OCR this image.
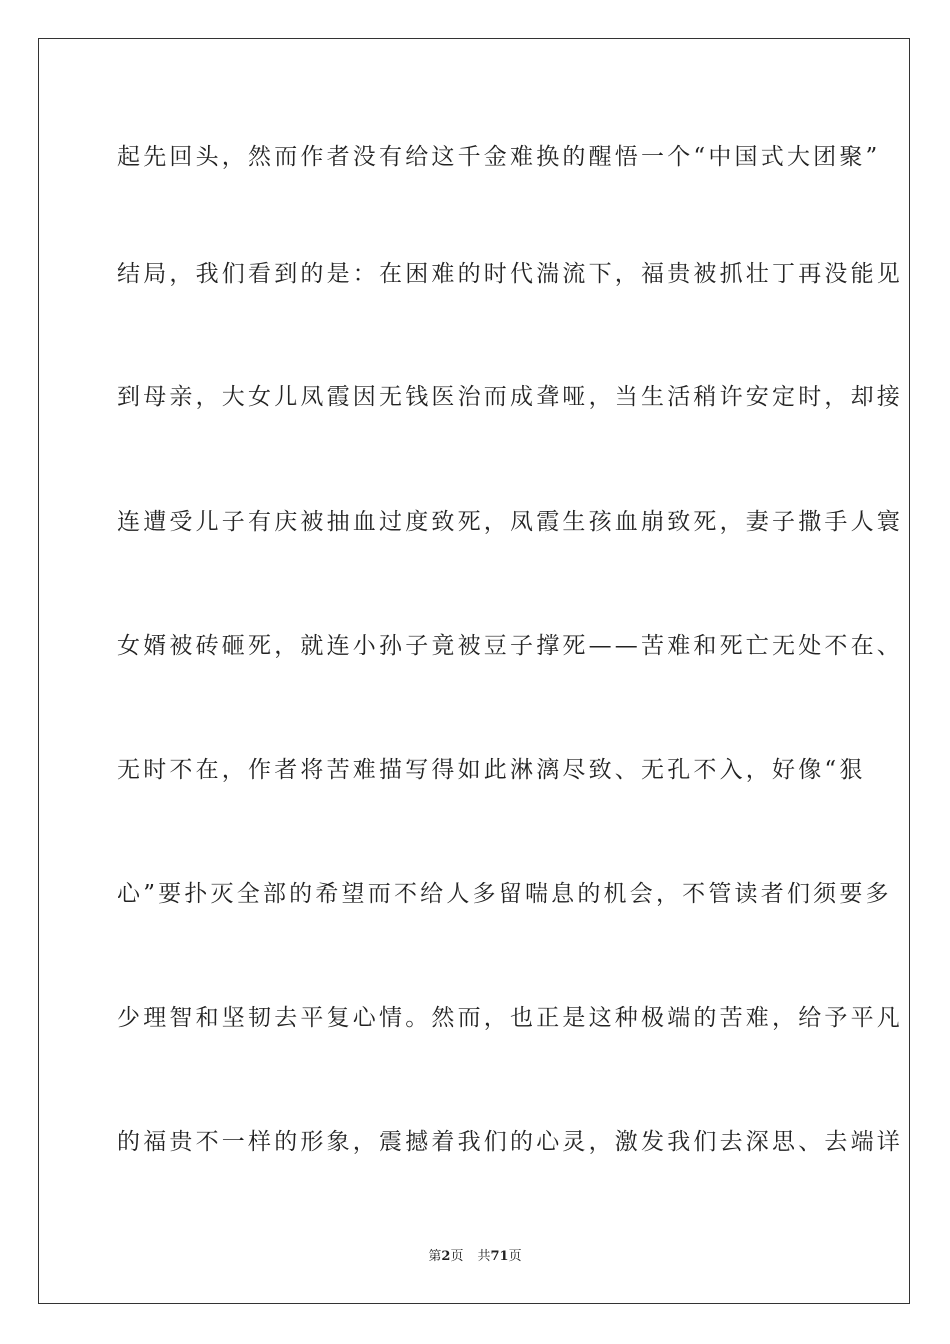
起先回头，然而作者没有给这千金难换的醒悟一个“中国式大团聚”
结局，我们看到的是：在困难的时代湍流下，福贵被抓壮丁再没能见
到母亲，大女儿凤霞因无钱医治而成聋哑，当生活稍许安定时，却接
连遭受儿子有庆被抽血过度致死，凤霞生孩血崩致死，妻子撒手人寰
女婿被砖砸死，就连小孙子竟被豆子撑死——苦难和死亡无处不在、
无时不在，作者将苦难描写得如此淋漓尽致、无孔不入，好像“狠
心”要扑灭全部的希望而不给人多留喘息的机会，不管读者们须要多
少理智和坚韧去平复心情。然而，也正是这种极端的苦难，给予平凡
的福贵不一样的形象，震撼着我们的心灵，激发我们去深思、去端详
第2页 共71页
